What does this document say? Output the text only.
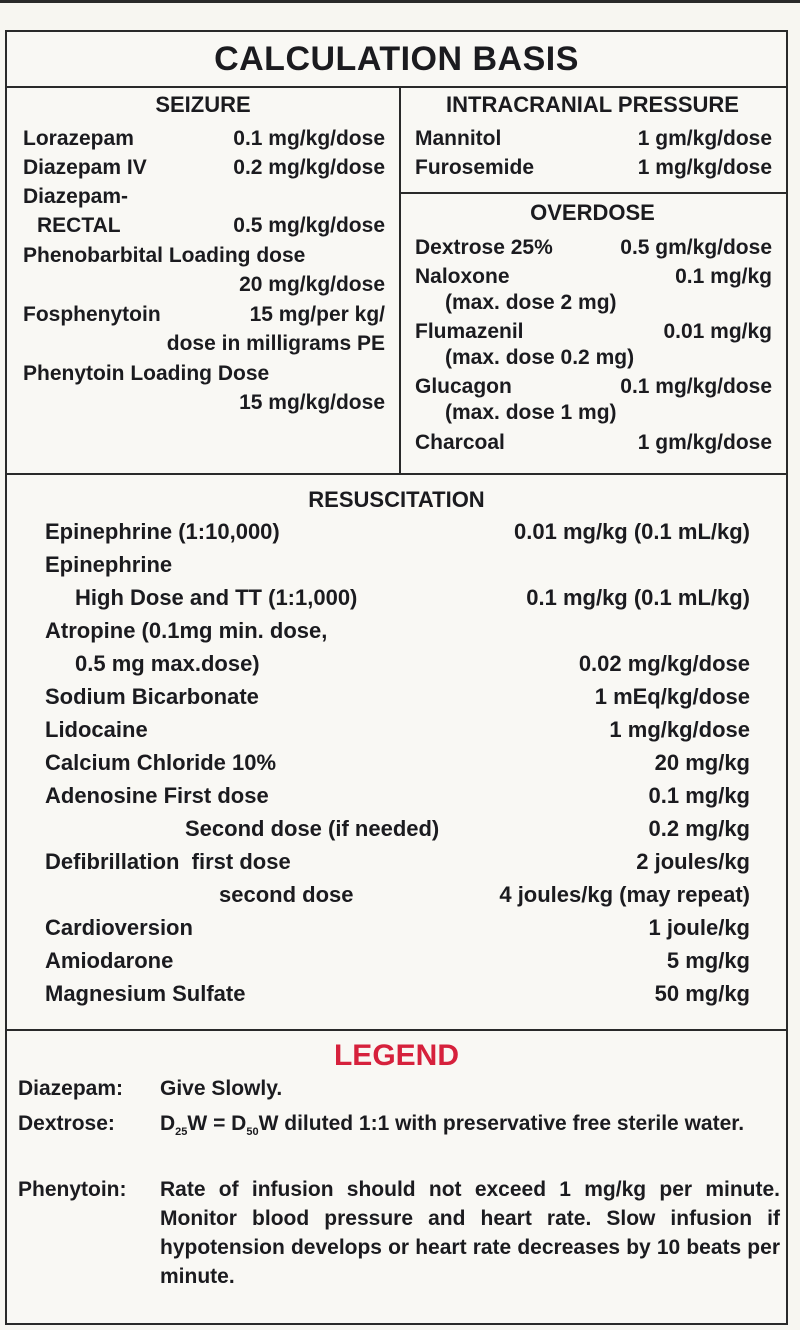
CALCULATION BASIS
SEIZURE
Lorazepam	0.1 mg/kg/dose
Diazepam IV	0.2 mg/kg/dose
Diazepam-
RECTAL	0.5 mg/kg/dose
Phenobarbital Loading dose
20 mg/kg/dose
Fosphenytoin	15 mg/per kg/
dose in milligrams PE
Phenytoin Loading Dose
15 mg/kg/dose
INTRACRANIAL PRESSURE
Mannitol	1 gm/kg/dose
Furosemide	1 mg/kg/dose
OVERDOSE
Dextrose 25%	0.5 gm/kg/dose
Naloxone	0.1 mg/kg
(max. dose 2 mg)
Flumazenil	0.01 mg/kg
(max. dose 0.2 mg)
Glucagon	0.1 mg/kg/dose
(max. dose 1 mg)
Charcoal	1 gm/kg/dose
RESUSCITATION
Epinephrine (1:10,000)	0.01 mg/kg (0.1 mL/kg)
Epinephrine
High Dose and TT (1:1,000)	0.1 mg/kg (0.1 mL/kg)
Atropine (0.1mg min. dose,
0.5 mg max.dose)	0.02 mg/kg/dose
Sodium Bicarbonate	1 mEq/kg/dose
Lidocaine	1 mg/kg/dose
Calcium Chloride 10%	20 mg/kg
Adenosine First dose	0.1 mg/kg
Second dose (if needed)	0.2 mg/kg
Defibrillation  first dose	2 joules/kg
second dose	4 joules/kg (may repeat)
Cardioversion	1 joule/kg
Amiodarone	5 mg/kg
Magnesium Sulfate	50 mg/kg
LEGEND
Diazepam: Give Slowly.
Dextrose: $D_{25}W = D_{50}W$ diluted 1:1 with preservative free sterile water.
Phenytoin: Rate of infusion should not exceed 1 mg/kg per minute. Monitor blood pressure and heart rate. Slow infusion if hypotension develops or heart rate decreases by 10 beats per minute.
